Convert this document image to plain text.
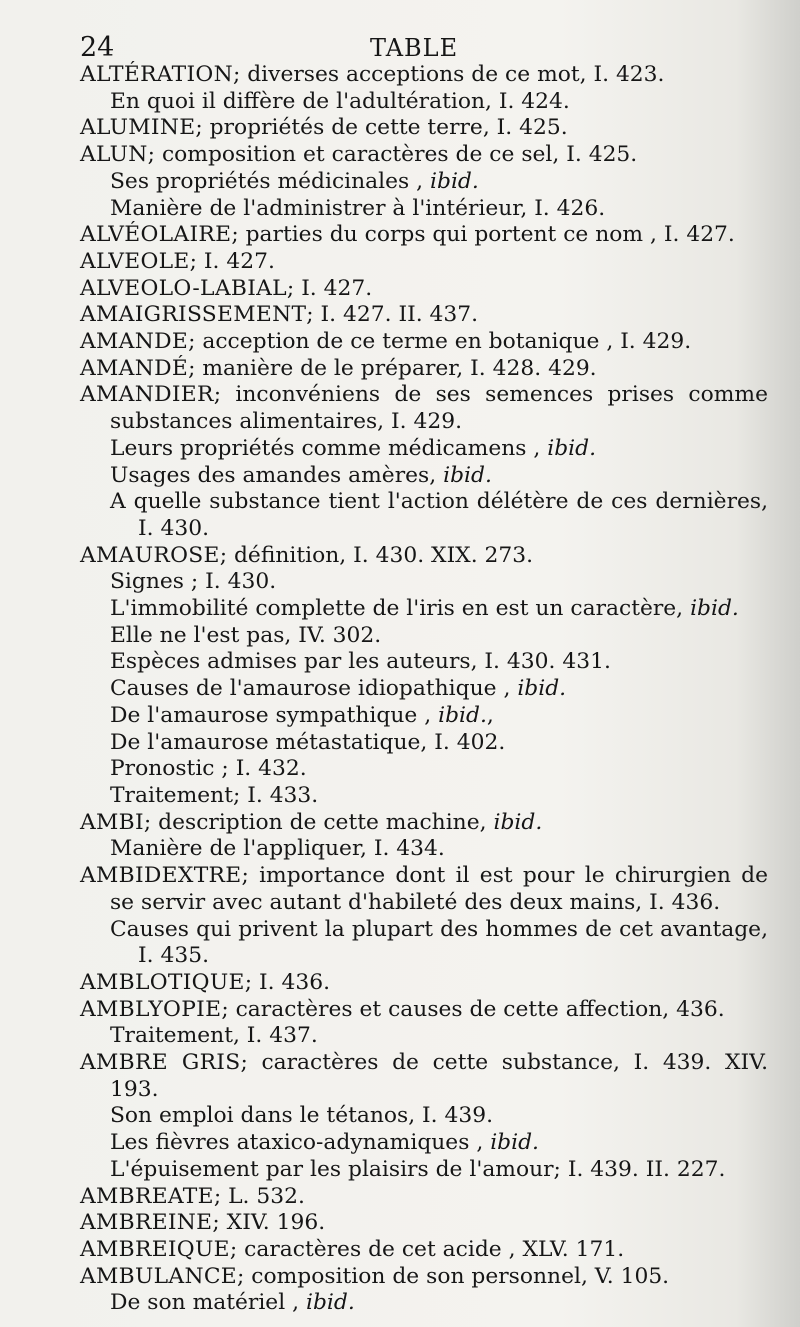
24	TABLE
ALTÉRATION; diverses acceptions de ce mot, I. 423.
En quoi il diffère de l'adultération, I. 424.
ALUMINE; propriétés de cette terre, I. 425.
ALUN; composition et caractères de ce sel, I. 425.
Ses propriétés médicinales , ibid.
Manière de l'administrer à l'intérieur, I. 426.
ALVÉOLAIRE; parties du corps qui portent ce nom , I. 427.
ALVEOLE; I. 427.
ALVEOLO-LABIAL; I. 427.
AMAIGRISSEMENT; I. 427. II. 437.
AMANDE; acception de ce terme en botanique , I. 429.
AMANDÉ; manière de le préparer, I. 428. 429.
AMANDIER; inconvéniens de ses semences prises comme substances alimentaires, I. 429.
Leurs propriétés comme médicamens , ibid.
Usages des amandes amères, ibid.
A quelle substance tient l'action délétère de ces dernières, I. 430.
AMAUROSE; définition, I. 430. XIX. 273.
Signes ; I. 430.
L'immobilité complette de l'iris en est un caractère, ibid.
Elle ne l'est pas, IV. 302.
Espèces admises par les auteurs, I. 430. 431.
Causes de l'amaurose idiopathique , ibid.
De l'amaurose sympathique , ibid.,
De l'amaurose métastatique, I. 402.
Pronostic ; I. 432.
Traitement; I. 433.
AMBI; description de cette machine, ibid.
Manière de l'appliquer, I. 434.
AMBIDEXTRE; importance dont il est pour le chirurgien de se servir avec autant d'habileté des deux mains, I. 436.
Causes qui privent la plupart des hommes de cet avantage, I. 435.
AMBLOTIQUE; I. 436.
AMBLYOPIE; caractères et causes de cette affection, 436.
Traitement, I. 437.
AMBRE GRIS; caractères de cette substance, I. 439. XIV. 193.
Son emploi dans le tétanos, I. 439.
Les fièvres ataxico-adynamiques , ibid.
L'épuisement par les plaisirs de l'amour; I. 439. II. 227.
AMBREATE; L. 532.
AMBREINE; XIV. 196.
AMBREIQUE; caractères de cet acide , XLV. 171.
AMBULANCE; composition de son personnel, V. 105.
De son matériel , ibid.
